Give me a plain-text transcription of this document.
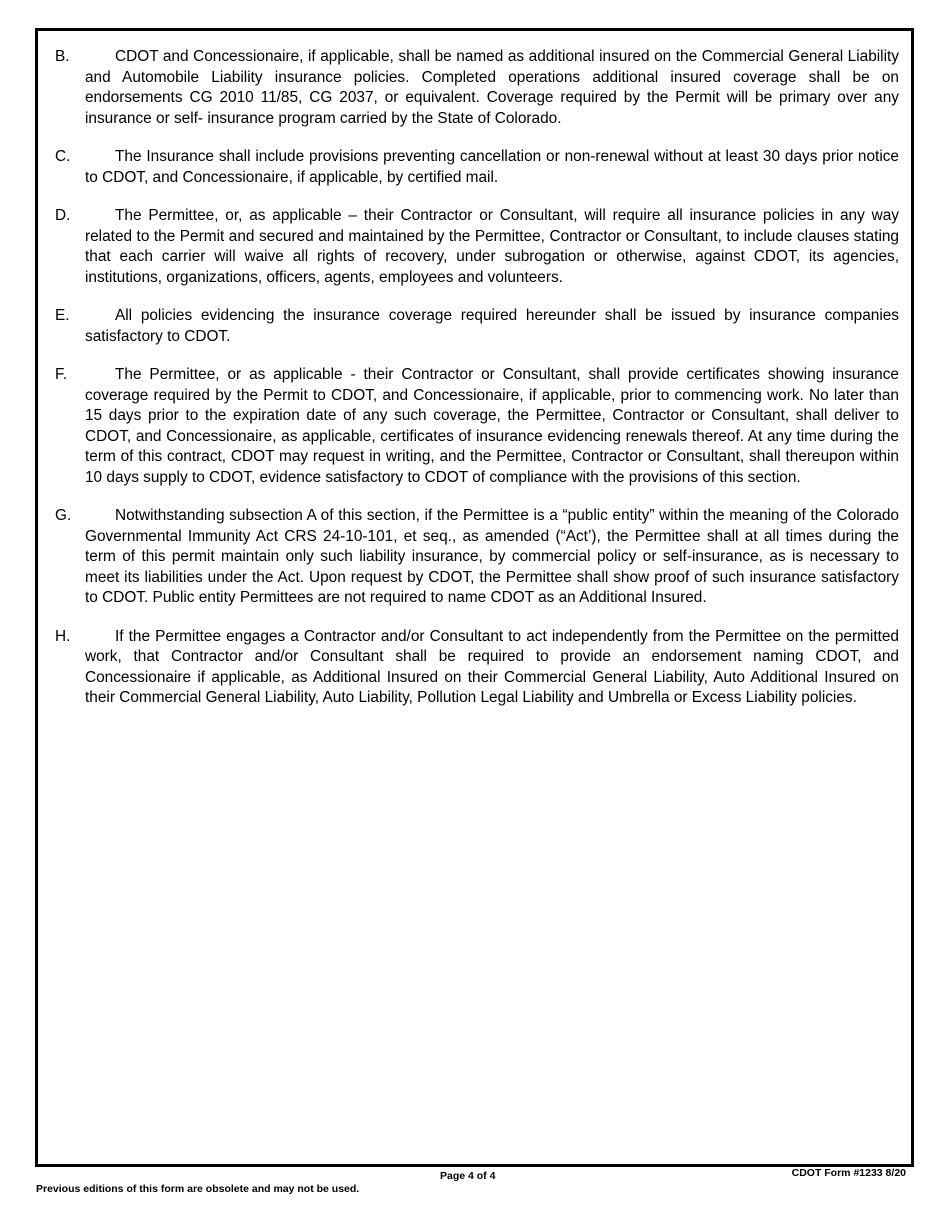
B.	CDOT and Concessionaire, if applicable, shall be named as additional insured on the Commercial General Liability and Automobile Liability insurance policies. Completed operations additional insured coverage shall be on endorsements CG 2010 11/85, CG 2037, or equivalent. Coverage required by the Permit will be primary over any insurance or self- insurance program carried by the State of Colorado.
C.	The Insurance shall include provisions preventing cancellation or non-renewal without at least 30 days prior notice to CDOT, and Concessionaire, if applicable, by certified mail.
D.	The Permittee, or, as applicable – their Contractor or Consultant, will require all insurance policies in any way related to the Permit and secured and maintained by the Permittee, Contractor or Consultant, to include clauses stating that each carrier will waive all rights of recovery, under subrogation or otherwise, against CDOT, its agencies, institutions, organizations, officers, agents, employees and volunteers.
E.	All policies evidencing the insurance coverage required hereunder shall be issued by insurance companies satisfactory to CDOT.
F.	The Permittee, or as applicable - their Contractor or Consultant, shall provide certificates showing insurance coverage required by the Permit to CDOT, and Concessionaire, if applicable, prior to commencing work. No later than 15 days prior to the expiration date of any such coverage, the Permittee, Contractor or Consultant, shall deliver to CDOT, and Concessionaire, as applicable, certificates of insurance evidencing renewals thereof. At any time during the term of this contract, CDOT may request in writing, and the Permittee, Contractor or Consultant, shall thereupon within 10 days supply to CDOT, evidence satisfactory to CDOT of compliance with the provisions of this section.
G.	Notwithstanding subsection A of this section, if the Permittee is a “public entity” within the meaning of the Colorado Governmental Immunity Act CRS 24-10-101, et seq., as amended (“Act’), the Permittee shall at all times during the term of this permit maintain only such liability insurance, by commercial policy or self-insurance, as is necessary to meet its liabilities under the Act. Upon request by CDOT, the Permittee shall show proof of such insurance satisfactory to CDOT. Public entity Permittees are not required to name CDOT as an Additional Insured.
H.	If the Permittee engages a Contractor and/or Consultant to act independently from the Permittee on the permitted work, that Contractor and/or Consultant shall be required to provide an endorsement naming CDOT, and Concessionaire if applicable, as Additional Insured on their Commercial General Liability, Auto Additional Insured on their Commercial General Liability, Auto Liability, Pollution Legal Liability and Umbrella or Excess Liability policies.
Page 4 of 4	CDOT Form #1233 8/20
Previous editions of this form are obsolete and may not be used.
